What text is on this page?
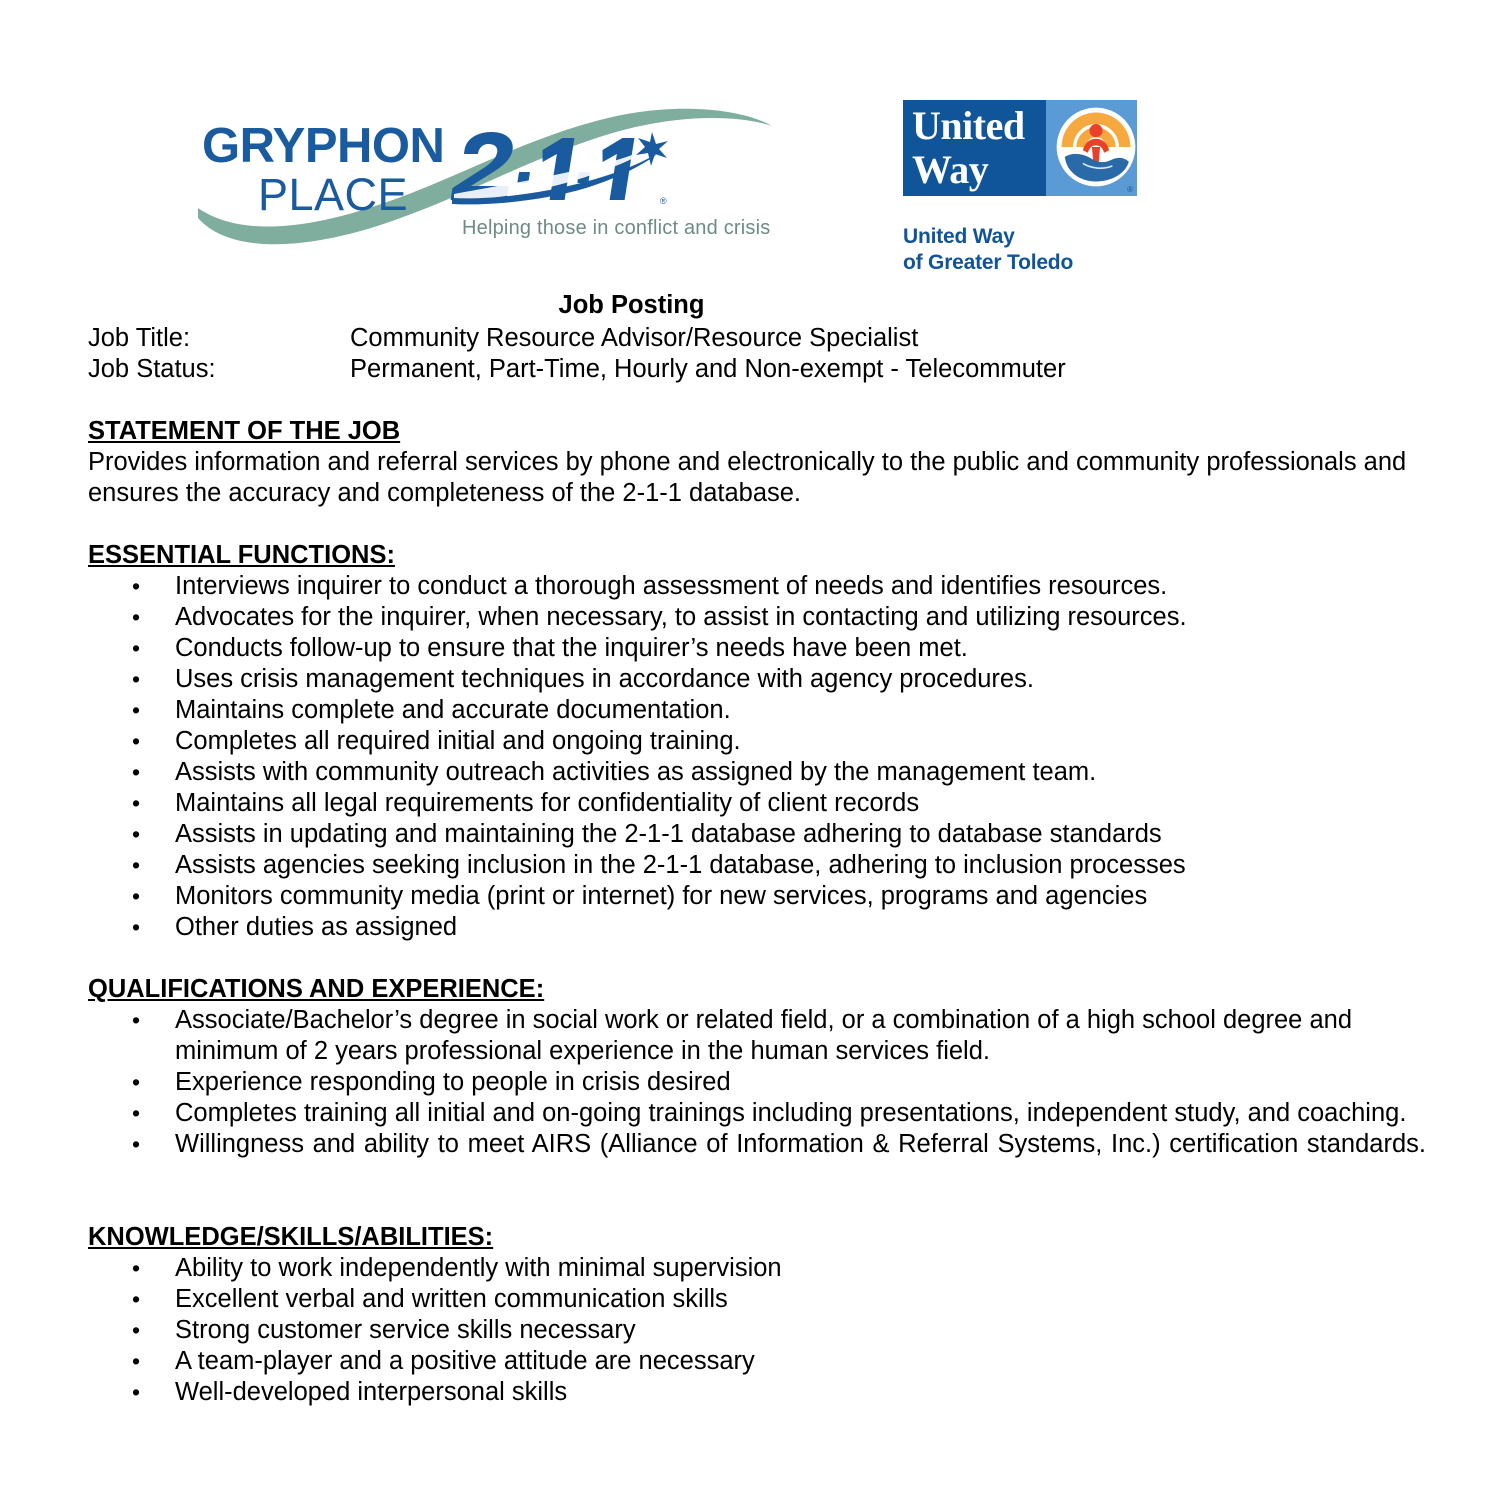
GRYPHON
PLACE	®
Helping those in conflict and crisis
United
Way	®
United Way
of Greater Toledo
Job Posting
Job Title:	Community Resource Advisor/Resource Specialist
Job Status:	Permanent, Part-Time, Hourly and Non-exempt - Telecommuter
STATEMENT OF THE JOB

Provides information and referral services by phone and electronically to the public and community professionals and ensures the accuracy and completeness of the 2-1-1 database.

ESSENTIAL FUNCTIONS:
• Interviews inquirer to conduct a thorough assessment of needs and identifies resources.
• Advocates for the inquirer, when necessary, to assist in contacting and utilizing resources.
• Conducts follow-up to ensure that the inquirer’s needs have been met.
• Uses crisis management techniques in accordance with agency procedures.
• Maintains complete and accurate documentation.
• Completes all required initial and ongoing training.
• Assists with community outreach activities as assigned by the management team.
• Maintains all legal requirements for confidentiality of client records
• Assists in updating and maintaining the 2-1-1 database adhering to database standards
• Assists agencies seeking inclusion in the 2-1-1 database, adhering to inclusion processes
• Monitors community media (print or internet) for new services, programs and agencies
• Other duties as assigned
QUALIFICATIONS AND EXPERIENCE:
• Associate/Bachelor’s degree in social work or related field, or a combination of a high school degree and minimum of 2 years professional experience in the human services field.
• Experience responding to people in crisis desired
• Completes training all initial and on-going trainings including presentations, independent study, and coaching.
• Willingness and ability to meet AIRS (Alliance of Information & Referral Systems, Inc.) certification standards.
KNOWLEDGE/SKILLS/ABILITIES:
• Ability to work independently with minimal supervision
• Excellent verbal and written communication skills
• Strong customer service skills necessary
• A team-player and a positive attitude are necessary
• Well-developed interpersonal skills
